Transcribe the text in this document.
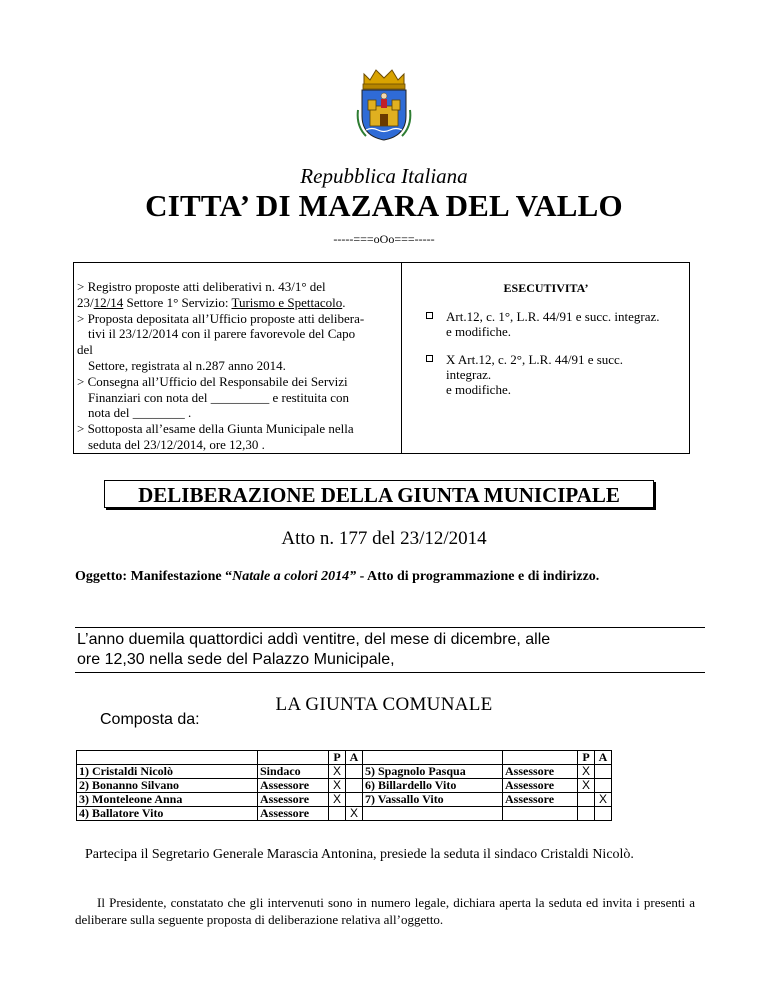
Repubblica Italiana
CITTA’ DI MAZARA DEL VALLO
-----===oOo===-----

> Registro proposte atti deliberativi n. 43/1° del

23/12/14 Settore 1° Servizio: Turismo e Spettacolo.

> Proposta depositata all’Ufficio proposte atti delibera-

tivi il 23/12/2014 con il parere favorevole del Capo

del

Settore, registrata al n.287 anno 2014.

> Consegna all’Ufficio del Responsabile dei Servizi

Finanziari con nota del _________ e restituita con

nota del ________ .

> Sottoposta all’esame della Giunta Municipale nella

seduta del 23/12/2014, ore 12,30 .

ESECUTIVITA’
Art.12, c. 1°, L.R. 44/91 e succ. integraz.
e modifiche.
X Art.12, c. 2°, L.R. 44/91 e succ.
integraz.
e modifiche.
DELIBERAZIONE DELLA GIUNTA MUNICIPALE
Atto n. 177 del 23/12/2014
Oggetto: Manifestazione “Natale a colori 2014” - Atto di programmazione e di indirizzo.
L’anno duemila quattordici addì ventitre, del mese di dicembre, alle
ore 12,30 nella sede del Palazzo Municipale,
LA GIUNTA COMUNALE
Composta da:
		P	A			P	A
1) Cristaldi Nicolò	Sindaco	X		5) Spagnolo Pasqua	Assessore	X	
2) Bonanno Silvano	Assessore	X		6) Billardello Vito	Assessore	X	
3) Monteleone Anna	Assessore	X		7) Vassallo Vito	Assessore		X
4) Ballatore Vito	Assessore		X				
Partecipa il Segretario Generale Marascia Antonina, presiede la seduta il sindaco Cristaldi Nicolò.
Il Presidente, constatato che gli intervenuti sono in numero legale, dichiara aperta la seduta ed invita i presenti a deliberare sulla seguente proposta di deliberazione relativa all’oggetto.
